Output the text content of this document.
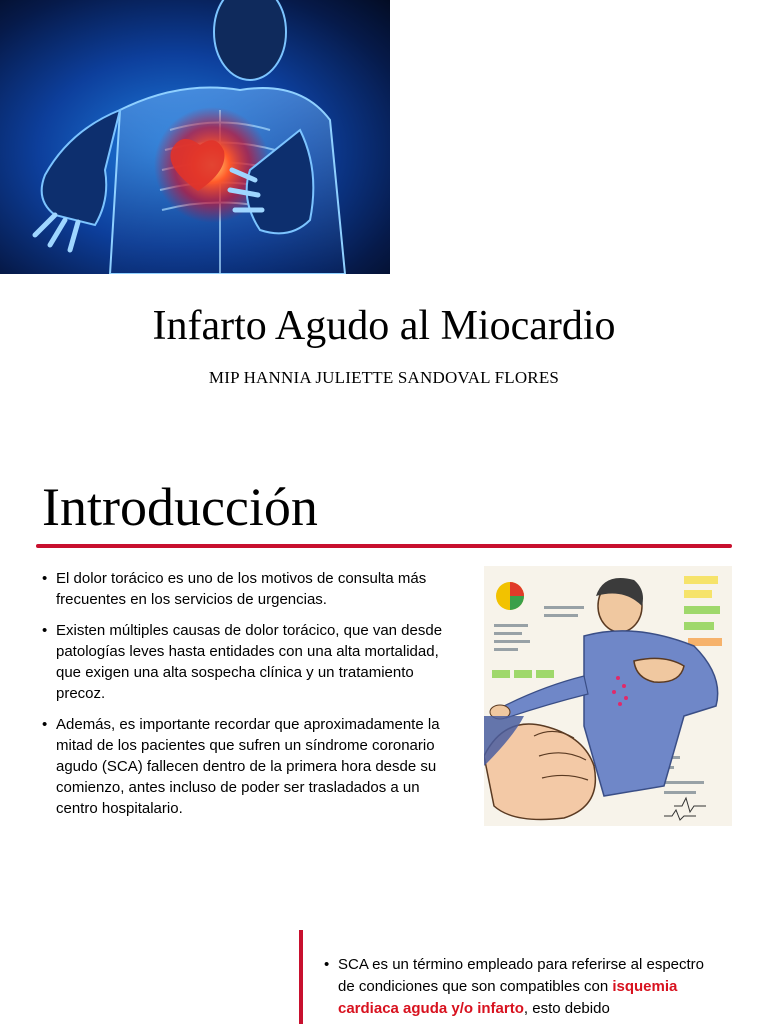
Infarto Agudo al Miocardio
MIP HANNIA JULIETTE SANDOVAL FLORES
Introducción
• El dolor torácico es uno de los motivos de consulta más frecuentes en los servicios de urgencias.
• Existen múltiples causas de dolor torácico, que van desde patologías leves hasta entidades con una alta mortalidad, que exigen una alta sospecha clínica y un tratamiento precoz.
• Además, es importante recordar que aproximadamente la mitad de los pacientes que sufren un síndrome coronario agudo (SCA) fallecen dentro de la primera hora desde su comienzo, antes incluso de poder ser trasladados a un centro hospitalario.
• SCA es un término empleado para referirse al espectro de condiciones que son compatibles con isquemia cardiaca aguda y/o infarto, esto debido
